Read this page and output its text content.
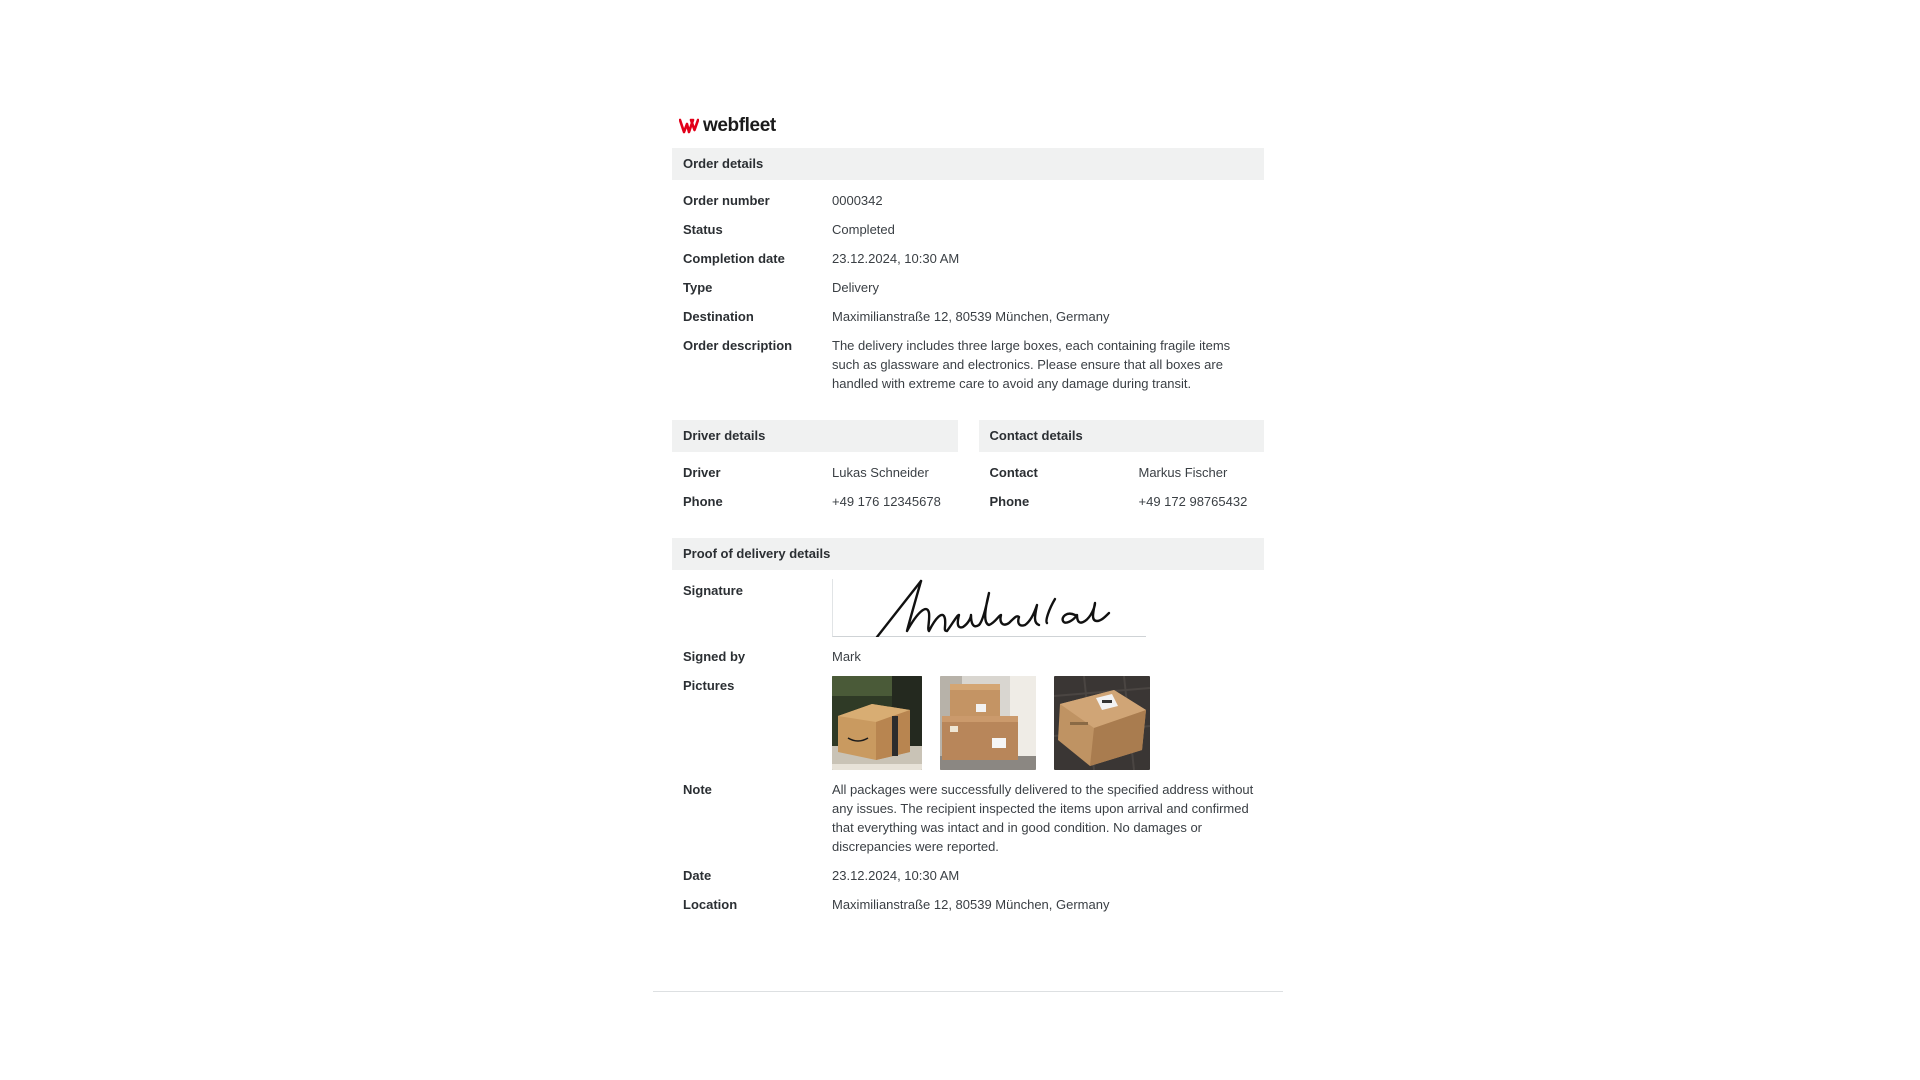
webfleet
Order details
Order number	0000342
Status	Completed
Completion date	23.12.2024, 10:30 AM
Type	Delivery
Destination	Maximilianstraße 12, 80539 München, Germany
Order description	The delivery includes three large boxes, each containing fragile items such as glassware and electronics. Please ensure that all boxes are handled with extreme care to avoid any damage during transit.
Driver details
Driver	Lukas Schneider
Phone	+49 176 12345678
Contact details
Contact	Markus Fischer
Phone	+49 172 98765432
Proof of delivery details
Signature
Signed by	Mark
Pictures
Note	All packages were successfully delivered to the specified address without any issues. The recipient inspected the items upon arrival and confirmed that everything was intact and in good condition. No damages or discrepancies were reported.
Date	23.12.2024, 10:30 AM
Location	Maximilianstraße 12, 80539 München, Germany
